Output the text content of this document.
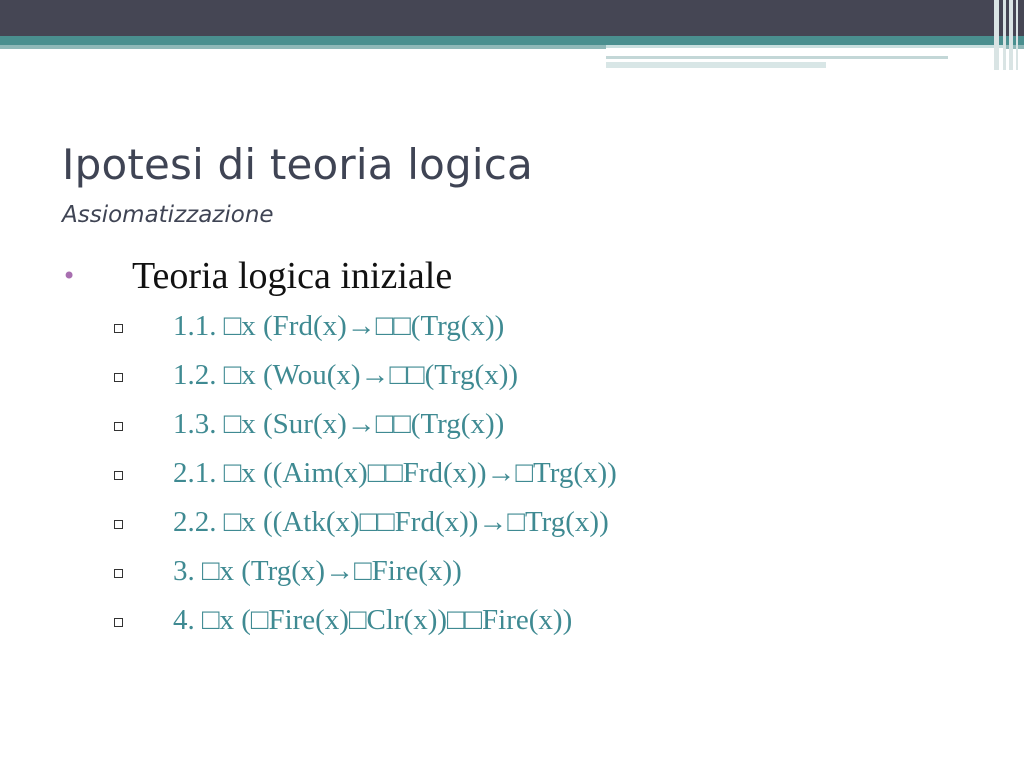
Ipotesi di teoria logica
Assiomatizzazione
• Teoria logica iniziale
1.1. □x (Frd(x)→□□(Trg(x))
1.2. □x (Wou(x)→□□(Trg(x))
1.3. □x (Sur(x)→□□(Trg(x))
2.1. □x ((Aim(x)□□Frd(x))→□Trg(x))
2.2. □x ((Atk(x)□□Frd(x))→□Trg(x))
3. □x (Trg(x)→□Fire(x))
4. □x (□Fire(x)□Clr(x))□□Fire(x))
